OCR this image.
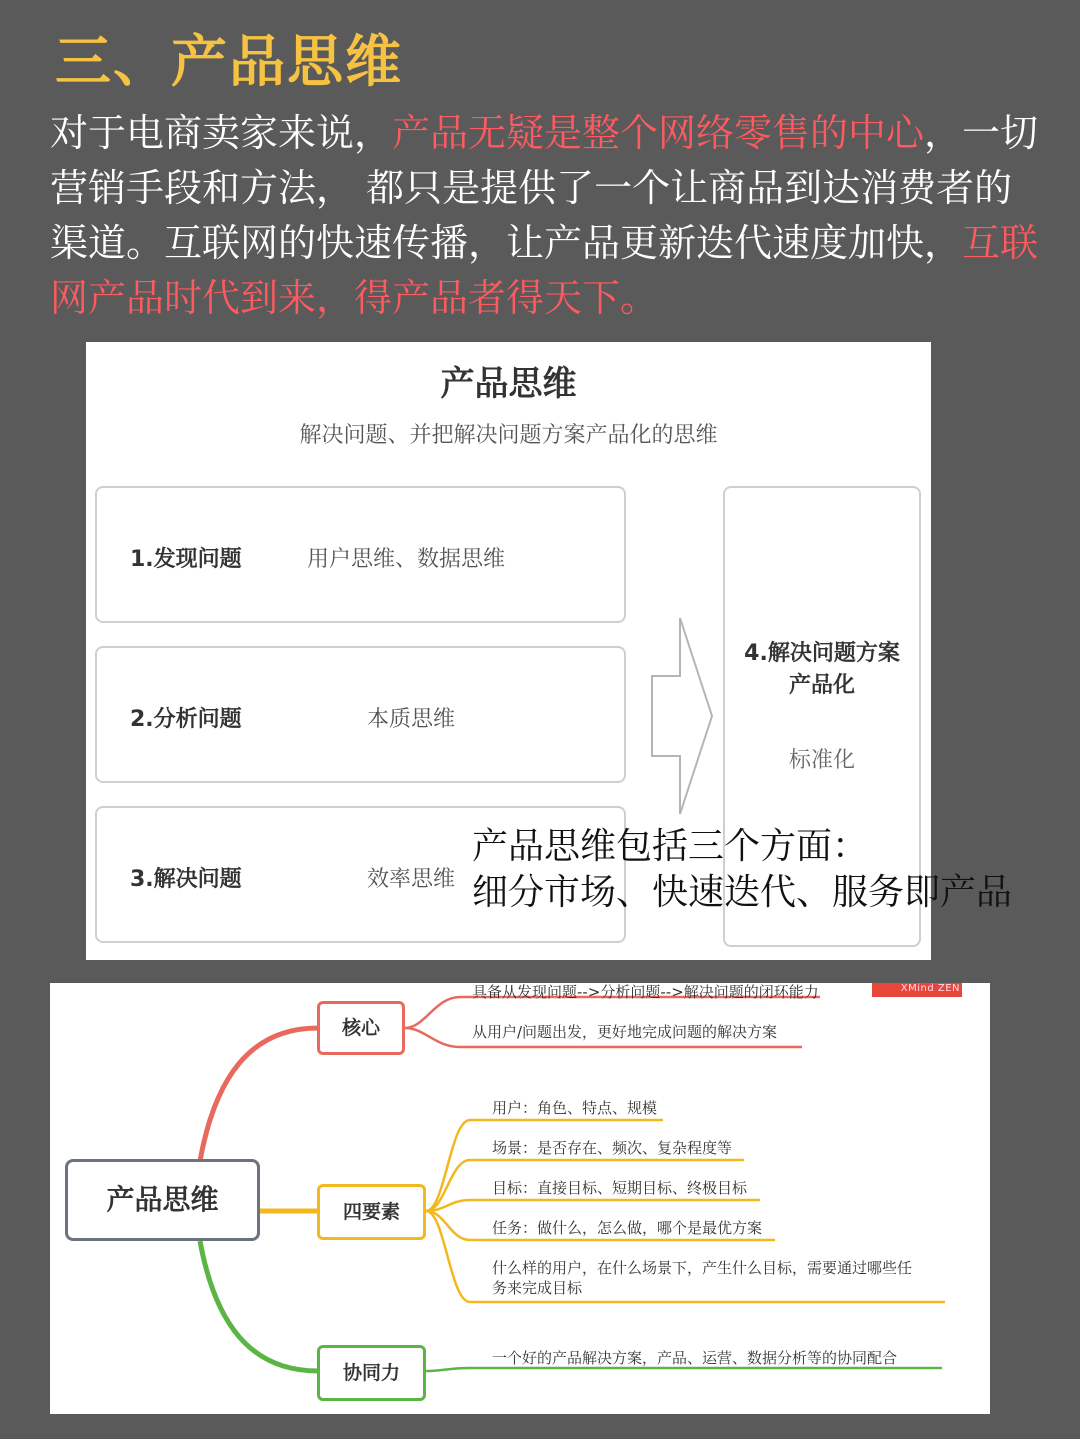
三、产品思维
对于电商卖家来说，产品无疑是整个网络零售的中心，一切营销手段和方法， 都只是提供了一个让商品到达消费者的渠道。互联网的快速传播，让产品更新迭代速度加快，互联网产品时代到来，得产品者得天下。
产品思维
解决问题、并把解决问题方案产品化的思维
1.发现问题	用户思维、数据思维
2.分析问题	本质思维
3.解决问题	效率思维
4.解决问题方案
产品化
标准化
产品思维包括三个方面：
细分市场、快速迭代、服务即产品
XMind ZEN
产品思维
核心
四要素
协同力
具备从发现问题-->分析问题-->解决问题的闭环能力
从用户/问题出发，更好地完成问题的解决方案
用户：角色、特点、规模
场景：是否存在、频次、复杂程度等
目标：直接目标、短期目标、终极目标
任务：做什么，怎么做，哪个是最优方案
什么样的用户，在什么场景下，产生什么目标，需要通过哪些任
务来完成目标
一个好的产品解决方案，产品、运营、数据分析等的协同配合
